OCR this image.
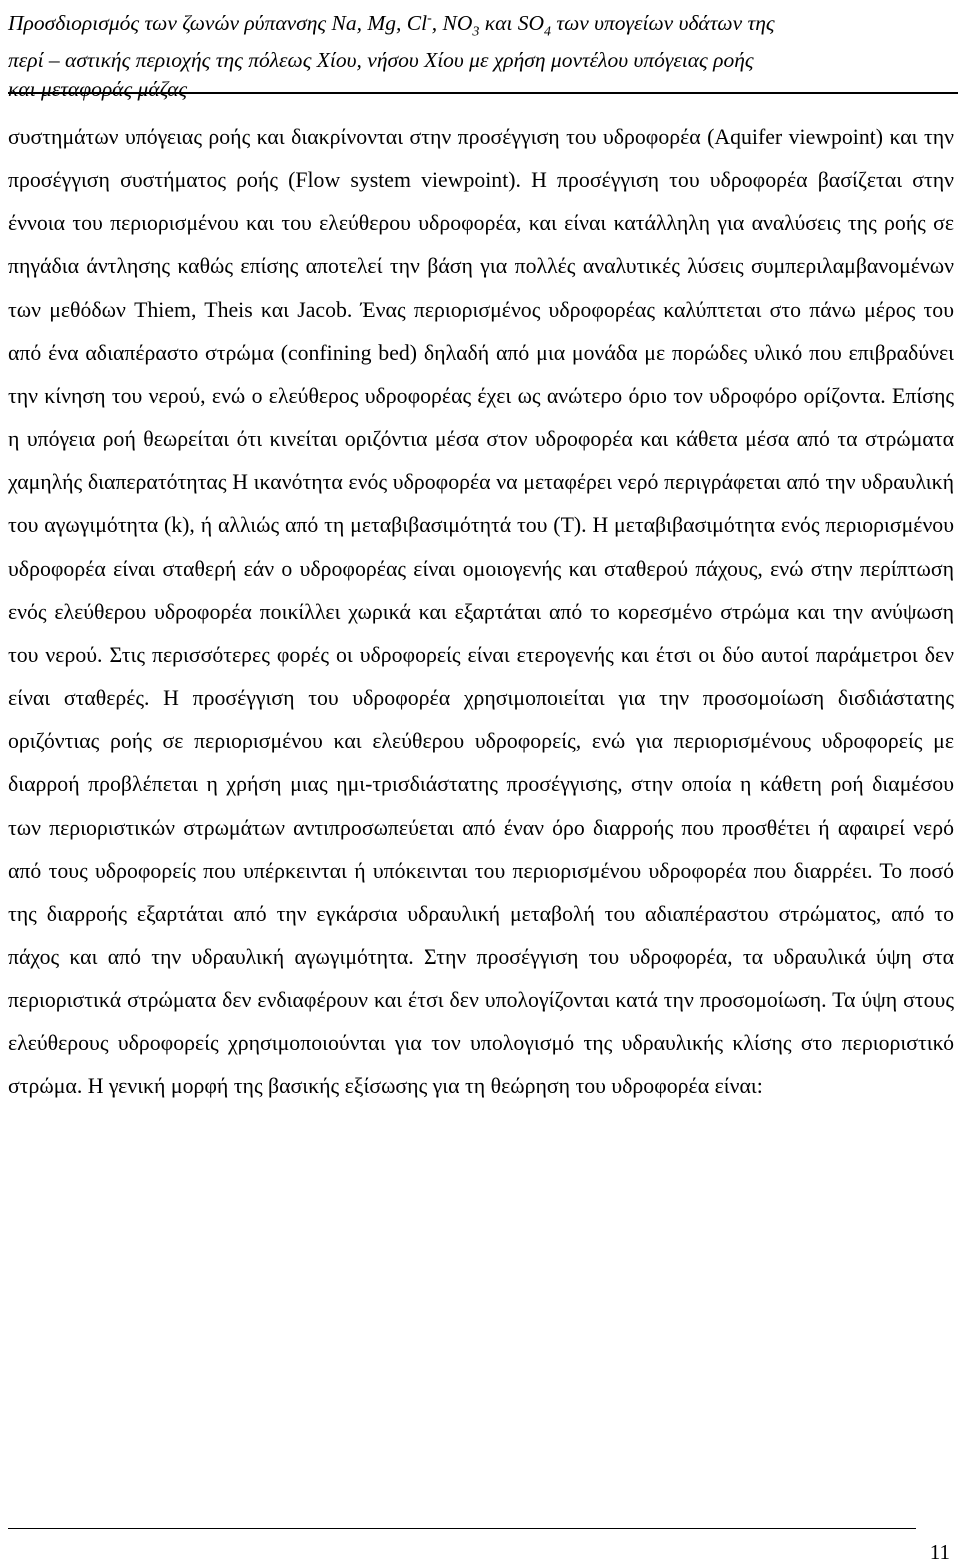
Προσδιορισμός των ζωνών ρύπανσης Na, Mg, Cl-, $NO_3$ και $SO_4$ των υπογείων υδάτων της
περί – αστικής περιοχής της πόλεως Χίου, νήσου Χίου με χρήση μοντέλου υπόγειας ροής
και μεταφοράς μάζας

συστημάτων υπόγειας ροής και διακρίνονται στην προσέγγιση του υδροφορέα (Aquifer viewpoint) και την προσέγγιση συστήματος ροής (Flow system viewpoint). Η προσέγγιση του υδροφορέα βασίζεται στην έννοια του περιορισμένου και του ελεύθερου υδροφορέα, και είναι κατάλληλη για αναλύσεις της ροής σε πηγάδια άντλησης καθώς επίσης αποτελεί την βάση για πολλές αναλυτικές λύσεις συμπεριλαμβανομένων των μεθόδων Thiem, Theis και Jacob. Ένας περιορισμένος υδροφορέας καλύπτεται στο πάνω μέρος του από ένα αδιαπέραστο στρώμα (confining bed) δηλαδή από μια μονάδα με πορώδες υλικό που επιβραδύνει την κίνηση του νερού, ενώ ο ελεύθερος υδροφορέας έχει ως ανώτερο όριο τον υδροφόρο ορίζοντα. Επίσης η υπόγεια ροή θεωρείται ότι κινείται οριζόντια μέσα στον υδροφορέα και κάθετα μέσα από τα στρώματα χαμηλής διαπερατότητας Η ικανότητα ενός υδροφορέα να μεταφέρει νερό περιγράφεται από την υδραυλική του αγωγιμότητα (k), ή αλλιώς από τη μεταβιβασιμότητά του (T). Η μεταβιβασιμότητα ενός περιορισμένου υδροφορέα είναι σταθερή εάν ο υδροφορέας είναι ομοιογενής και σταθερού πάχους, ενώ στην περίπτωση ενός ελεύθερου υδροφορέα ποικίλλει χωρικά και εξαρτάται από το κορεσμένο στρώμα και την ανύψωση του νερού. Στις περισσότερες φορές οι υδροφορείς είναι ετερογενής και έτσι οι δύο αυτοί παράμετροι δεν είναι σταθερές. Η προσέγγιση του υδροφορέα χρησιμοποιείται για την προσομοίωση δισδιάστατης οριζόντιας ροής σε περιορισμένου και ελεύθερου υδροφορείς, ενώ για περιορισμένους υδροφορείς με διαρροή προβλέπεται η χρήση μιας ημι-τρισδιάστατης προσέγγισης, στην οποία η κάθετη ροή διαμέσου των περιοριστικών στρωμάτων αντιπροσωπεύεται από έναν όρο διαρροής που προσθέτει ή αφαιρεί νερό από τους υδροφορείς που υπέρκεινται ή υπόκεινται του περιορισμένου υδροφορέα που διαρρέει. Το ποσό της διαρροής εξαρτάται από την εγκάρσια υδραυλική μεταβολή του αδιαπέραστου στρώματος, από το πάχος και από την υδραυλική αγωγιμότητα. Στην προσέγγιση του υδροφορέα, τα υδραυλικά ύψη στα περιοριστικά στρώματα δεν ενδιαφέρουν και έτσι δεν υπολογίζονται κατά την προσομοίωση. Τα ύψη στους ελεύθερους υδροφορείς χρησιμοποιούνται για τον υπολογισμό της υδραυλικής κλίσης στο περιοριστικό στρώμα. Η γενική μορφή της βασικής εξίσωσης για τη θεώρηση του υδροφορέα είναι:

11
